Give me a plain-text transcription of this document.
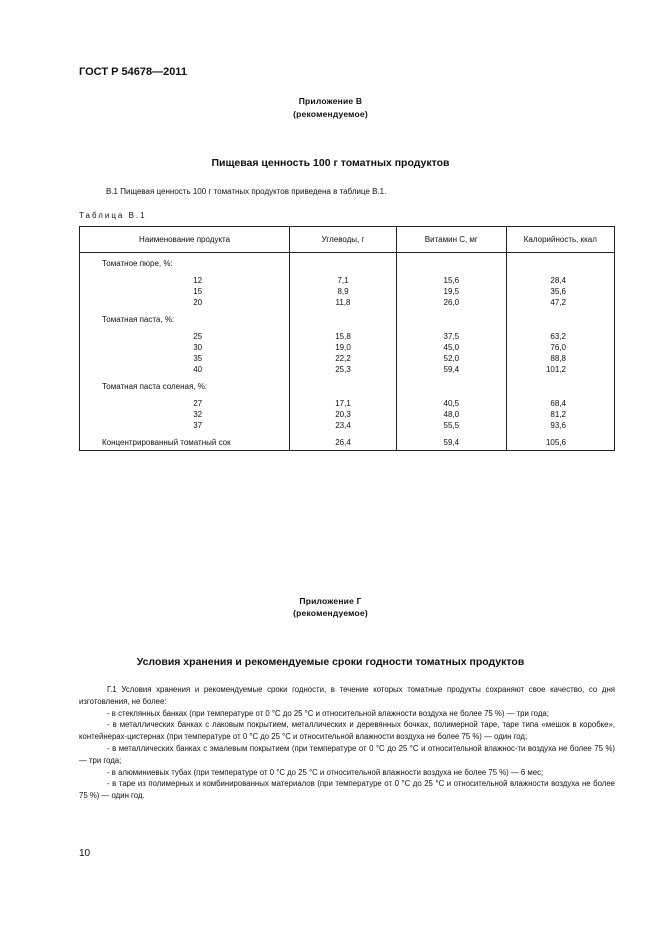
ГОСТ Р 54678—2011
Приложение В
(рекомендуемое)
Пищевая ценность 100 г томатных продуктов
В.1 Пищевая ценность 100 г томатных продуктов приведена в таблице В.1.
Таблица В.1
Наименование продукта	Углеводы, г	Витамин С, мг	Калорийность, ккал
Томатное пюре, %:			

12	7,1	15,6	28,4
15	8,9	19,5	35,6
20	11,8	26,0	47,2

Томатная паста, %:			

25	15,8	37,5	63,2
30	19,0	45,0	76,0
35	22,2	52,0	88,8
40	25,3	59,4	101,2

Томатная паста соленая, %:			

27	17,1	40,5	68,4
32	20,3	48,0	81,2
37	23,4	55,5	93,6

Концентрированный томатный сок	26,4	59,4	105,6
Приложение Г
(рекомендуемое)
Условия хранения и рекомендуемые сроки годности томатных продуктов
Г.1 Условия хранения и рекомендуемые сроки годности, в течение которых томатные продукты сохраняют свое качество, со дня изготовления, не более:
- в стеклянных банках (при температуре от 0 °С до 25 °С и относительной влажности воздуха не более 75 %) — три года;
- в металлических банках с лаковым покрытием, металлических и деревянных бочках, полимерной таре, таре типа «мешок в коробке», контейнерах-цистернах (при температуре от 0 °С до 25 °С и относительной влажности воздуха не более 75 %) — один год;
- в металлических банках с эмалевым покрытием (при температуре от 0 °С до 25 °С и относительной влажнос-ти воздуха не более 75 %) — три года;
- в алюминиевых тубах (при температуре от 0 °С до 25 °С и относительной влажности воздуха не более 75 %) — 6 мес;
- в таре из полимерных и комбинированных материалов (при температуре от 0 °С до 25 °С и относительной влажности воздуха не более 75 %) — один год.
10
